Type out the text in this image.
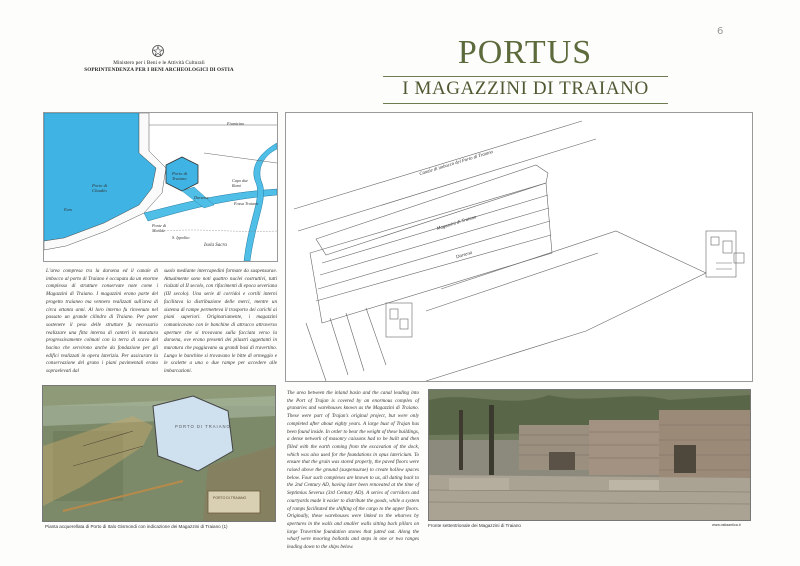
Ministero per i Beni e le Attività Culturali
SOPRINTENDENZA PER I BENI ARCHEOLOGICI DI OSTIA
6
PORTUS
I MAGAZZINI DI TRAIANO
Fiumicino
Porto di
Claudio
Porto di
Traiano
Darsena
Isola Sacra
Fossa Traiana
Capo due
Rami
Ponte di
Matilde
S. Ippolito
Faro
Canale di imbocco del Porto di Traiano
Magazzini di Traiano
Darsena

Lʼarea compresa tra la darsena ed il canale di imbocco al porto di Traiano è occupata da un enorme complesso di strutture conservate note come i Magazzini di Traiano. I magazzini erano parte del progetto traianeo ma vennero realizzati sull'area di circa ottanta anni. Al loro interno fu rinvenuto nel passato un grande cilindro di Traiano. Per poter sostenere il peso delle strutture fu necessario realizzare una fitta interna di canteri in muratura progressivamente colmati con la terra di scavo del bacino che servirono anche da fondazione per gli edifici realizzati in opera laterizia. Per assicurare la conservazione del grano i piani pavimentali erano sopraelevati dal

suolo mediante intercapedini formate da suspensurae. Attualmente sono noti quattro nuclei costruttivi, tutti rialzati al II secolo, con rifacimenti di epoca severiana (III secolo). Una serie di corridoi e cortili interni facilitava la distribuzione delle merci, mentre un sistema di rampe permetteva il trasporto dei carichi ai piani superiori. Originariamente, i magazzini comunicavano con le banchine di attracco attraverso aperture che si trovavano sulla facciata verso la darsena, ove erano presenti dei pilastri aggettanti in muratura che poggiavano su grandi basi di travertino. Lungo le banchine si trovavano le bitte di ormeggio e le scalette a una o due rampe per accedere alle imbarcazioni.

PORTO DI TRAIANO
PORTO DI TRAIANO

The area between the inland basin and the canal leading into the Port of Trajan is covered by an enormous complex of granaries and warehouses known as the Magazzini di Traiano. These were part of Trajan's original project, but were only completed after about eighty years. A large bust of Trajan has been found inside. In order to bear the weight of these buildings, a dense network of masonry caissons had to be built and then filled with the earth coming from the excavation of the dock, which was also used for the foundations in opus latericium. To ensure that the grain was stored properly, the paved floors were raised above the ground (suspensurae) to create hollow spaces below. Four such complexes are known to us, all dating back to the 2nd Century AD, having later been renovated at the time of Septimius Severus (3rd Century AD). A series of corridors and courtyards made it easier to distribute the goods, while a system of ramps facilitated the shifting of the cargo to the upper floors. Originally, these warehouses were linked to the wharves by apertures in the walls and smaller walls sitting back pillars on large Travertine foundation stones that jutted out. Along the wharf were mooring bollards and steps in one or two ranges leading down to the ships below.

Pianta acquerellata di Porto di Italo Gismondi con indicazione dei Magazzini di Traiano (1)	Fronte settentrionale dei Magazzini di Traiano	www.ostiaantica.it
